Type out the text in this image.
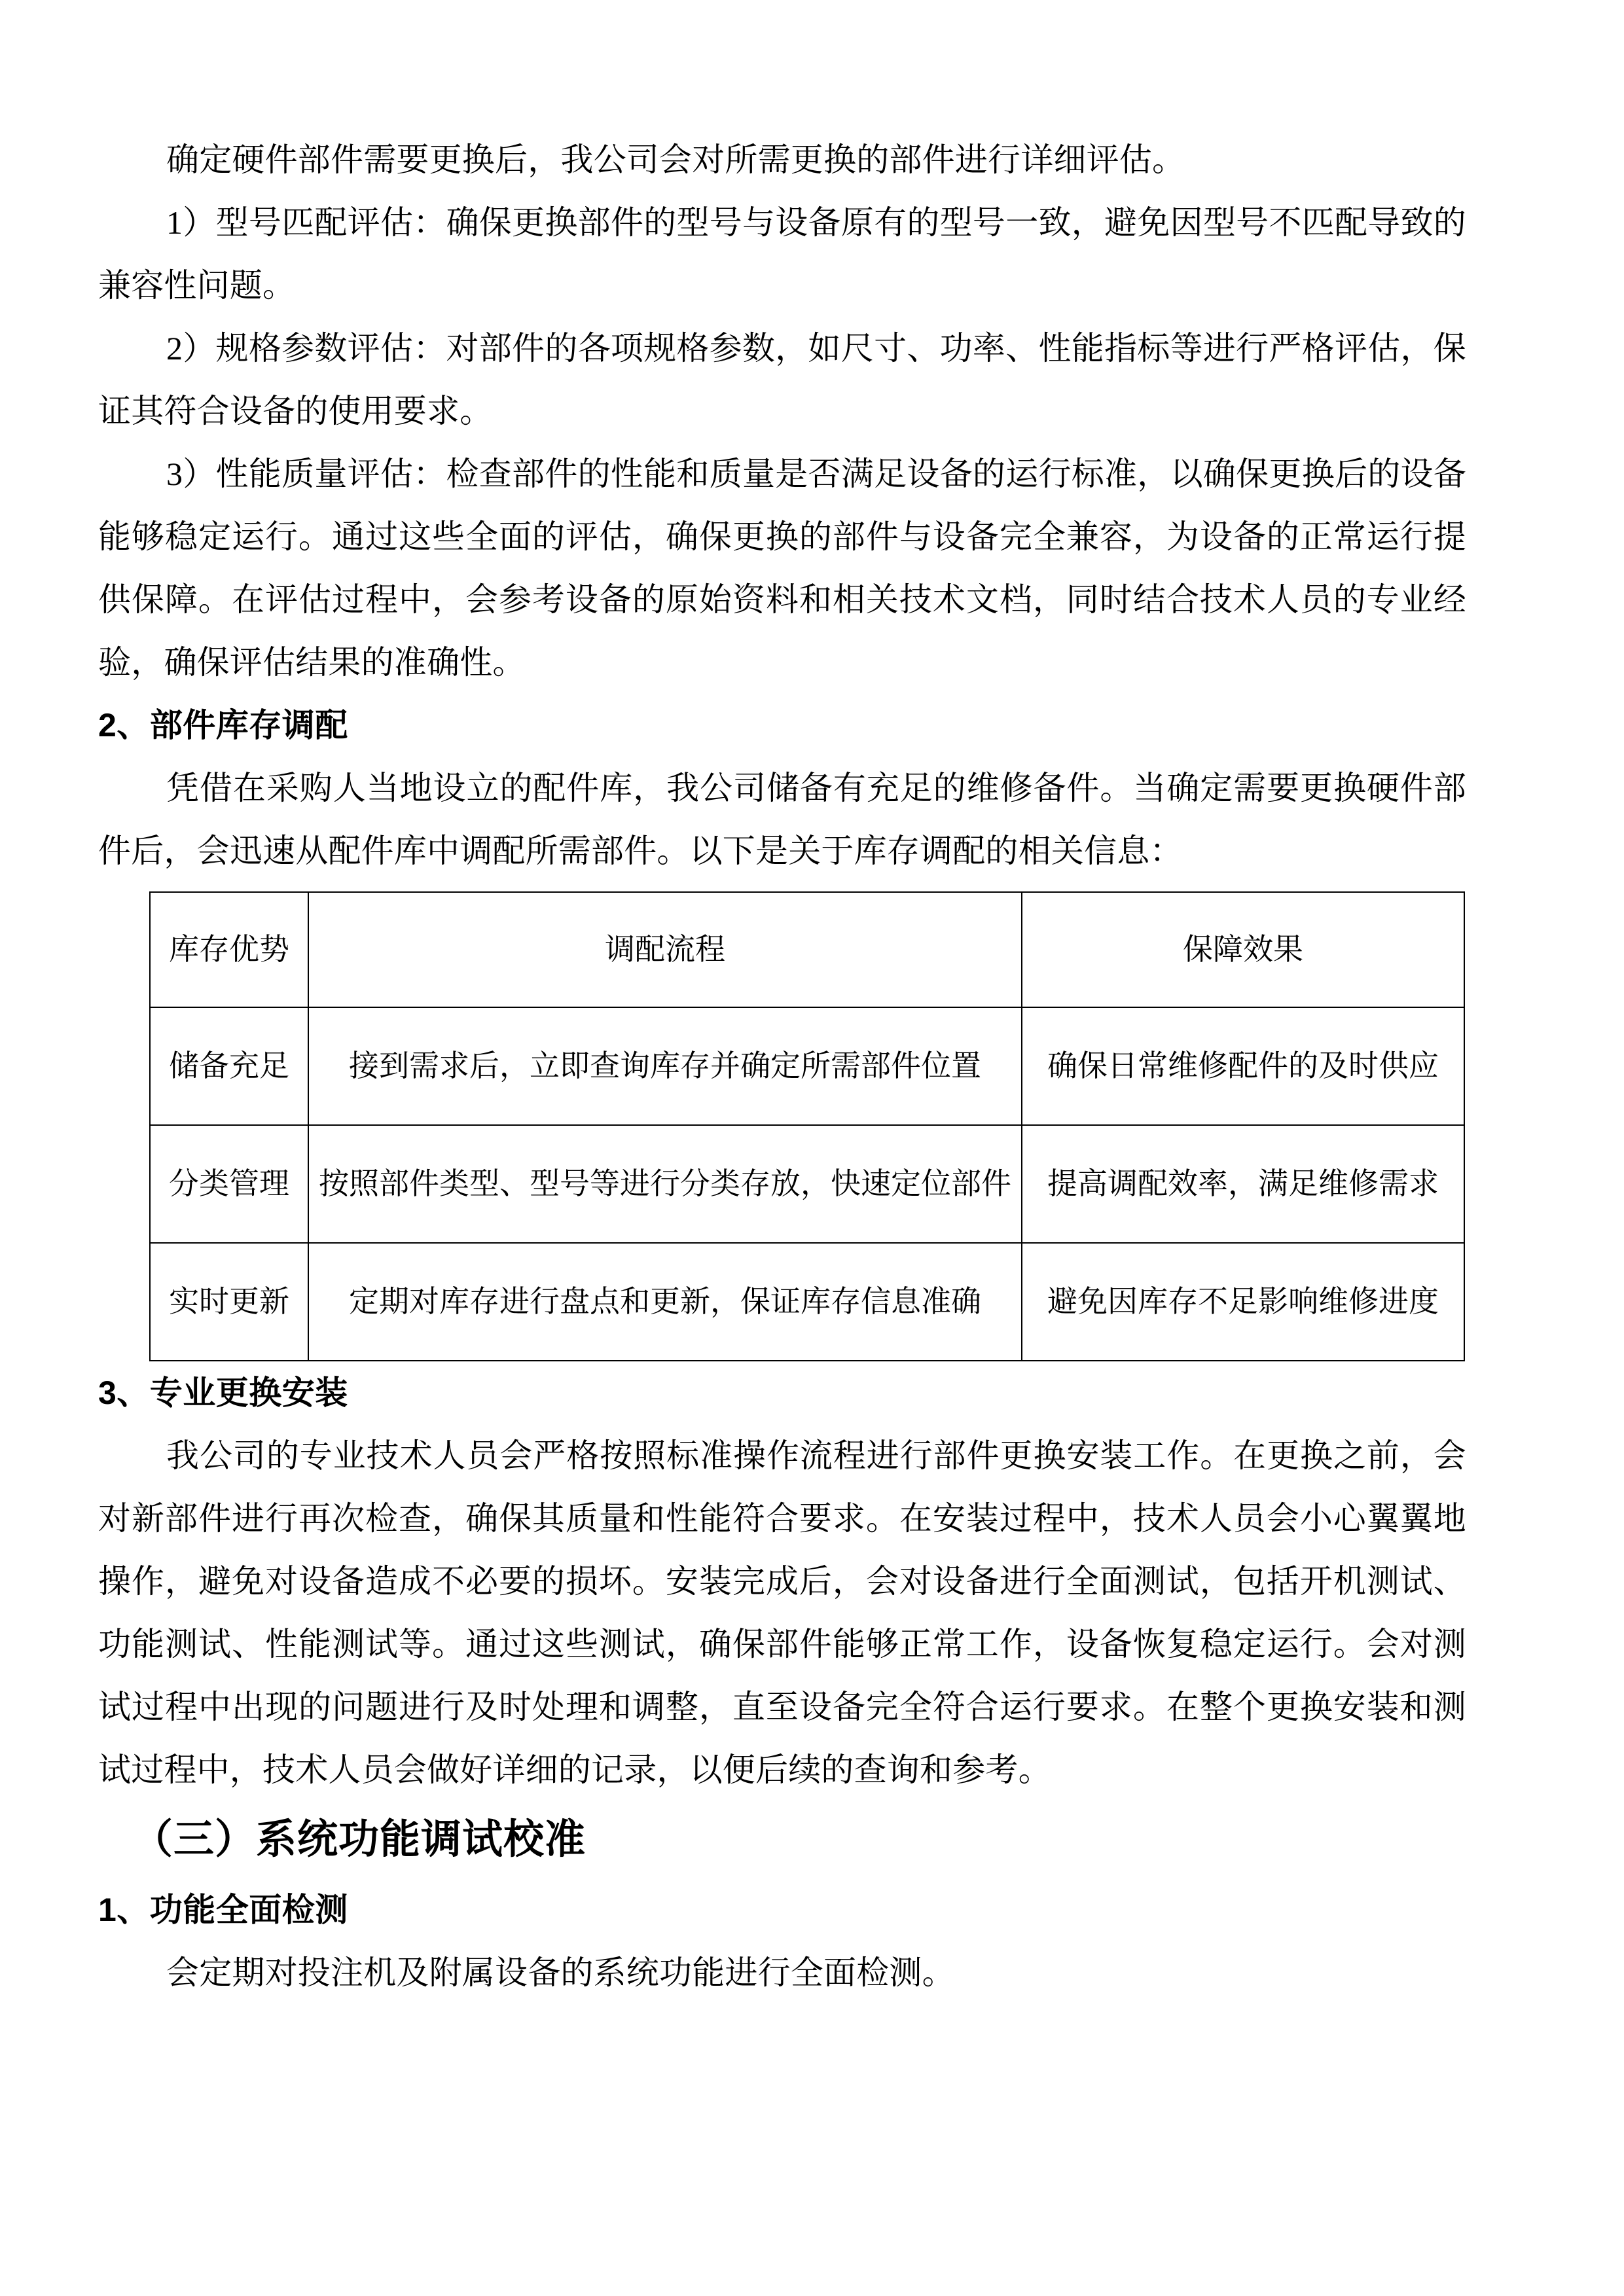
确定硬件部件需要更换后，我公司会对所需更换的部件进行详细评估。

1）型号匹配评估：确保更换部件的型号与设备原有的型号一致，避免因型号不匹配导致的兼容性问题。

2）规格参数评估：对部件的各项规格参数，如尺寸、功率、性能指标等进行严格评估，保证其符合设备的使用要求。

3）性能质量评估：检查部件的性能和质量是否满足设备的运行标准，以确保更换后的设备能够稳定运行。通过这些全面的评估，确保更换的部件与设备完全兼容，为设备的正常运行提供保障。在评估过程中，会参考设备的原始资料和相关技术文档，同时结合技术人员的专业经验，确保评估结果的准确性。

2、部件库存调配

凭借在采购人当地设立的配件库，我公司储备有充足的维修备件。当确定需要更换硬件部件后，会迅速从配件库中调配所需部件。以下是关于库存调配的相关信息：

库存优势	调配流程	保障效果
储备充足	接到需求后，立即查询库存并确定所需部件位置	确保日常维修配件的及时供应
分类管理	按照部件类型、型号等进行分类存放，快速定位部件	提高调配效率，满足维修需求
实时更新	定期对库存进行盘点和更新，保证库存信息准确	避免因库存不足影响维修进度

3、专业更换安装

我公司的专业技术人员会严格按照标准操作流程进行部件更换安装工作。在更换之前，会对新部件进行再次检查，确保其质量和性能符合要求。在安装过程中，技术人员会小心翼翼地操作，避免对设备造成不必要的损坏。安装完成后，会对设备进行全面测试，包括开机测试、功能测试、性能测试等。通过这些测试，确保部件能够正常工作，设备恢复稳定运行。会对测试过程中出现的问题进行及时处理和调整，直至设备完全符合运行要求。在整个更换安装和测试过程中，技术人员会做好详细的记录，以便后续的查询和参考。

（三）系统功能调试校准

1、功能全面检测

会定期对投注机及附属设备的系统功能进行全面检测。
